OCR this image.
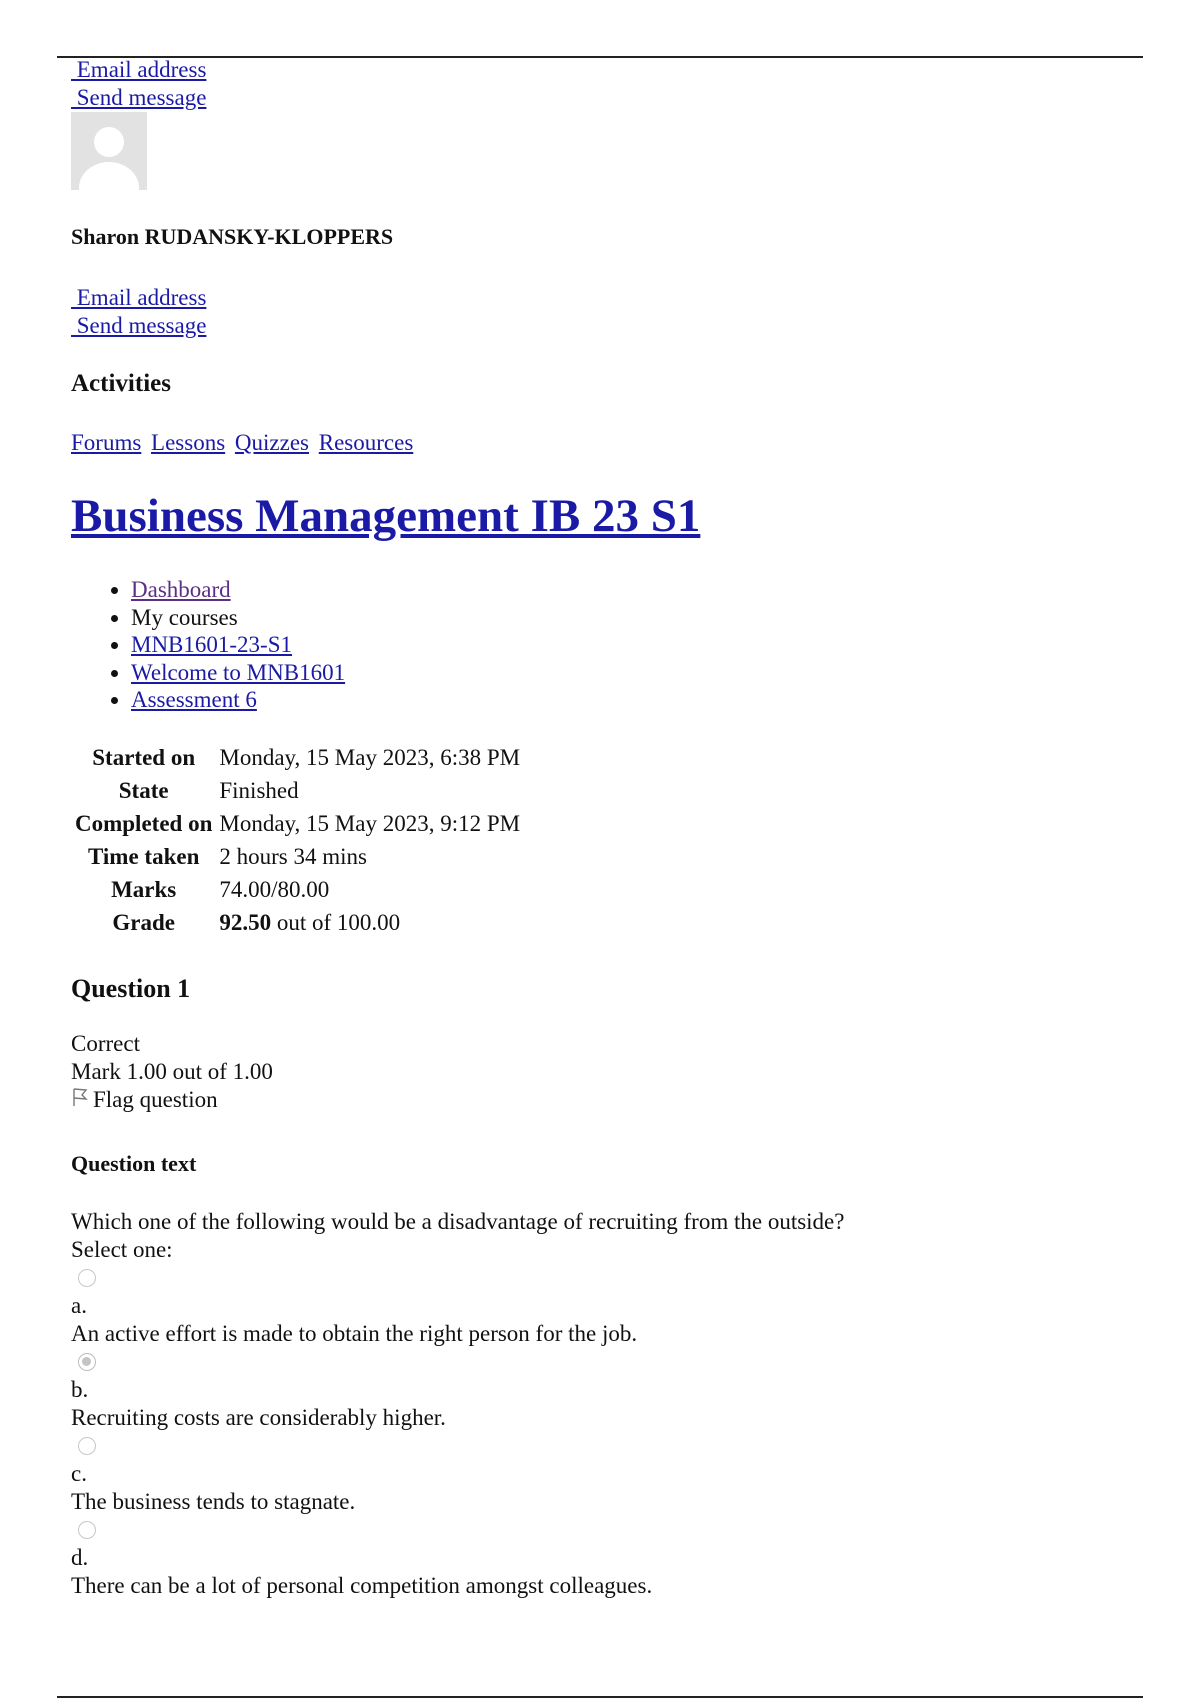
Email address
Send message
Sharon RUDANSKY-KLOPPERS
Email address
Send message
Activities
Forums Lessons Quizzes Resources
Business Management IB 23 S1
• Dashboard
• My courses
• MNB1601-23-S1
• Welcome to MNB1601
• Assessment 6
Started on	Monday, 15 May 2023, 6:38 PM
State	Finished
Completed on	Monday, 15 May 2023, 9:12 PM
Time taken	2 hours 34 mins
Marks	74.00/80.00
Grade	92.50 out of 100.00
Question 1
Correct
Mark 1.00 out of 1.00
Flag question
Question text
Which one of the following would be a disadvantage of recruiting from the outside?
Select one:
a.
An active effort is made to obtain the right person for the job.
b.
Recruiting costs are considerably higher.
c.
The business tends to stagnate.
d.
There can be a lot of personal competition amongst colleagues.
